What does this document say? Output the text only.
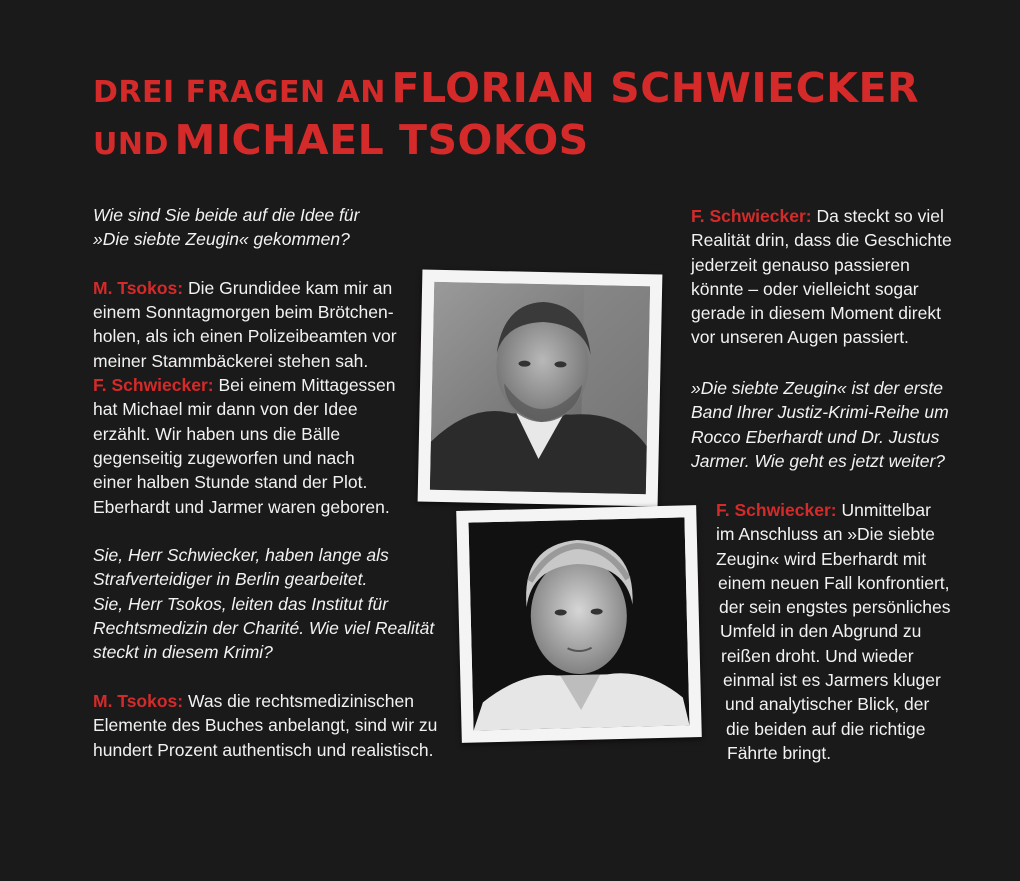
DREI FRAGEN AN FLORIAN SCHWIECKER
UND MICHAEL TSOKOS

Wie sind Sie beide auf die Idee für
»Die siebte Zeugin« gekommen?

M. Tsokos: Die Grundidee kam mir an
einem Sonntagmorgen beim Brötchen-
holen, als ich einen Polizeibeamten vor
meiner Stammbäckerei stehen sah.

F. Schwiecker: Bei einem Mittagessen
hat Michael mir dann von der Idee
erzählt. Wir haben uns die Bälle
gegenseitig zugeworfen und nach
einer halben Stunde stand der Plot.
Eberhardt und Jarmer waren geboren.

Sie, Herr Schwiecker, haben lange als
Strafverteidiger in Berlin gearbeitet.
Sie, Herr Tsokos, leiten das Institut für
Rechtsmedizin der Charité. Wie viel Realität
steckt in diesem Krimi?

M. Tsokos: Was die rechtsmedizinischen
Elemente des Buches anbelangt, sind wir zu
hundert Prozent authentisch und realistisch.

F. Schwiecker: Da steckt so viel
Realität drin, dass die Geschichte
jederzeit genauso passieren
könnte – oder vielleicht sogar
gerade in diesem Moment direkt
vor unseren Augen passiert.

»Die siebte Zeugin« ist der erste
Band Ihrer Justiz-Krimi-Reihe um
Rocco Eberhardt und Dr. Justus
Jarmer. Wie geht es jetzt weiter?

F. Schwiecker: Unmittelbar
im Anschluss an »Die siebte
Zeugin« wird Eberhardt mit
einem neuen Fall konfrontiert,
der sein engstes persönliches
Umfeld in den Abgrund zu
reißen droht. Und wieder
einmal ist es Jarmers kluger
und analytischer Blick, der
die beiden auf die richtige
Fährte bringt.
